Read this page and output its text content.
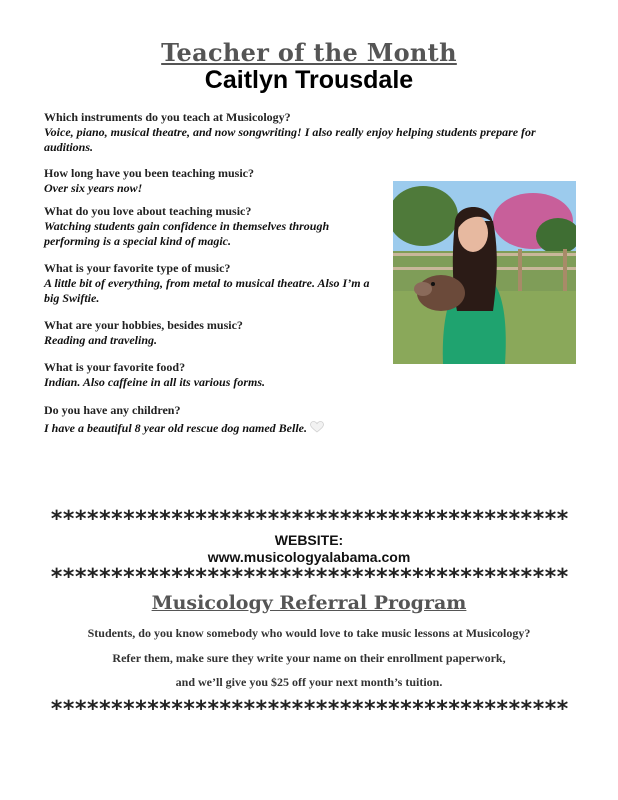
Teacher of the Month
Caitlyn Trousdale
Which instruments do you teach at Musicology?
Voice, piano, musical theatre, and now songwriting! I also really enjoy helping students prepare for auditions.
How long have you been teaching music?
Over six years now!
What do you love about teaching music?
Watching students gain confidence in themselves through performing is a special kind of magic.
What is your favorite type of music?
A little bit of everything, from metal to musical theatre. Also I’m a big Swiftie.
What are your hobbies, besides music?
Reading and traveling.
What is your favorite food?
Indian. Also caffeine in all its various forms.
Do you have any children?
I have a beautiful 8 year old rescue dog named Belle.
*******************************************
WEBSITE:
www.musicologyalabama.com
*******************************************
Musicology Referral Program
Students, do you know somebody who would love to take music lessons at Musicology?
Refer them, make sure they write your name on their enrollment paperwork,
and we’ll give you $25 off your next month’s tuition.
*******************************************
